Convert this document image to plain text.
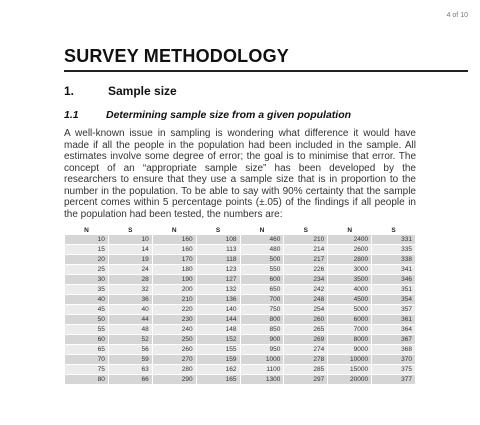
4 of 10
SURVEY METHODOLOGY
1.	Sample size
1.1	Determining sample size from a given population
A well-known issue in sampling is wondering what difference it would have made if all the people in the population had been included in the sample. All estimates involve some degree of error; the goal is to minimise that error. The concept of an “appropriate sample size” has been developed by the researchers to ensure that they use a sample size that is in proportion to the number in the population. To be able to say with 90% certainty that the sample percent comes within 5 percentage points (±.05) of the findings if all people in the population had been tested, the numbers are:
N	S	N	S	N	S	N	S
10	10	160	108	460	210	2400	331
15	14	160	113	480	214	2600	335
20	19	170	118	500	217	2800	338
25	24	180	123	550	226	3000	341
30	28	190	127	600	234	3500	346
35	32	200	132	650	242	4000	351
40	36	210	136	700	248	4500	354
45	40	220	140	750	254	5000	357
50	44	230	144	800	260	6000	361
55	48	240	148	850	265	7000	364
60	52	250	152	900	269	8000	367
65	56	260	155	950	274	9000	368
70	59	270	159	1000	278	10000	370
75	63	280	162	1100	285	15000	375
80	66	290	165	1300	297	20000	377
